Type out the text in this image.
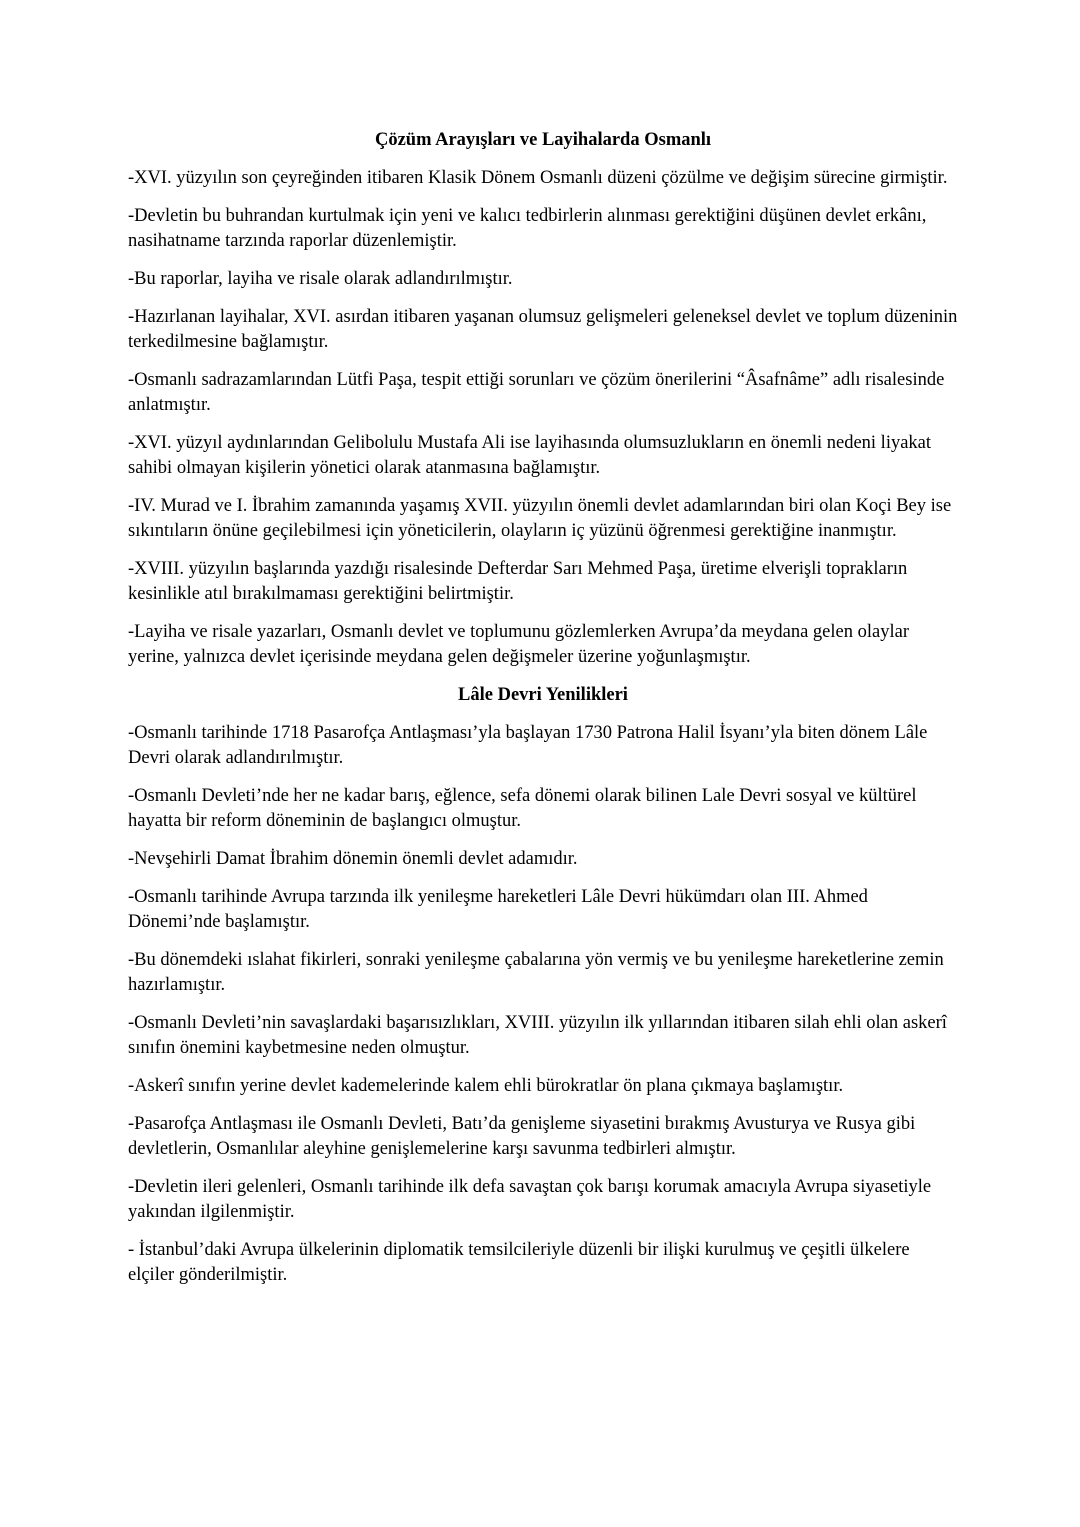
Çözüm Arayışları ve Layihalarda Osmanlı

-XVI. yüzyılın son çeyreğinden itibaren Klasik Dönem Osmanlı düzeni çözülme ve değişim sürecine girmiştir.

-Devletin bu buhrandan kurtulmak için yeni ve kalıcı tedbirlerin alınması gerektiğini düşünen devlet erkânı, nasihatname tarzında raporlar düzenlemiştir.

-Bu raporlar, layiha ve risale olarak adlandırılmıştır.

-Hazırlanan layihalar, XVI. asırdan itibaren yaşanan olumsuz gelişmeleri geleneksel devlet ve toplum düzeninin terkedilmesine bağlamıştır.

-Osmanlı sadrazamlarından Lütfi Paşa, tespit ettiği sorunları ve çözüm önerilerini “Âsafnâme” adlı risalesinde anlatmıştır.

-XVI. yüzyıl aydınlarından Gelibolulu Mustafa Ali ise layihasında olumsuzlukların en önemli nedeni liyakat sahibi olmayan kişilerin yönetici olarak atanmasına bağlamıştır.

-IV. Murad ve I. İbrahim zamanında yaşamış XVII. yüzyılın önemli devlet adamlarından biri olan Koçi Bey ise sıkıntıların önüne geçilebilmesi için yöneticilerin, olayların iç yüzünü öğrenmesi gerektiğine inanmıştır.

-XVIII. yüzyılın başlarında yazdığı risalesinde Defterdar Sarı Mehmed Paşa, üretime elverişli toprakların kesinlikle atıl bırakılmaması gerektiğini belirtmiştir.

-Layiha ve risale yazarları, Osmanlı devlet ve toplumunu gözlemlerken Avrupa’da meydana gelen olaylar yerine, yalnızca devlet içerisinde meydana gelen değişmeler üzerine yoğunlaşmıştır.

Lâle Devri Yenilikleri

-Osmanlı tarihinde 1718 Pasarofça Antlaşması’yla başlayan 1730 Patrona Halil İsyanı’yla biten dönem Lâle Devri olarak adlandırılmıştır.

-Osmanlı Devleti’nde her ne kadar barış, eğlence, sefa dönemi olarak bilinen Lale Devri sosyal ve kültürel hayatta bir reform döneminin de başlangıcı olmuştur.

-Nevşehirli Damat İbrahim dönemin önemli devlet adamıdır.

-Osmanlı tarihinde Avrupa tarzında ilk yenileşme hareketleri Lâle Devri hükümdarı olan III. Ahmed Dönemi’nde başlamıştır.

-Bu dönemdeki ıslahat fikirleri, sonraki yenileşme çabalarına yön vermiş ve bu yenileşme hareketlerine zemin hazırlamıştır.

-Osmanlı Devleti’nin savaşlardaki başarısızlıkları, XVIII. yüzyılın ilk yıllarından itibaren silah ehli olan askerî sınıfın önemini kaybetmesine neden olmuştur.

-Askerî sınıfın yerine devlet kademelerinde kalem ehli bürokratlar ön plana çıkmaya başlamıştır.

-Pasarofça Antlaşması ile Osmanlı Devleti, Batı’da genişleme siyasetini bırakmış Avusturya ve Rusya gibi devletlerin, Osmanlılar aleyhine genişlemelerine karşı savunma tedbirleri almıştır.

-Devletin ileri gelenleri, Osmanlı tarihinde ilk defa savaştan çok barışı korumak amacıyla Avrupa siyasetiyle yakından ilgilenmiştir.

- İstanbul’daki Avrupa ülkelerinin diplomatik temsilcileriyle düzenli bir ilişki kurulmuş ve çeşitli ülkelere elçiler gönderilmiştir.
